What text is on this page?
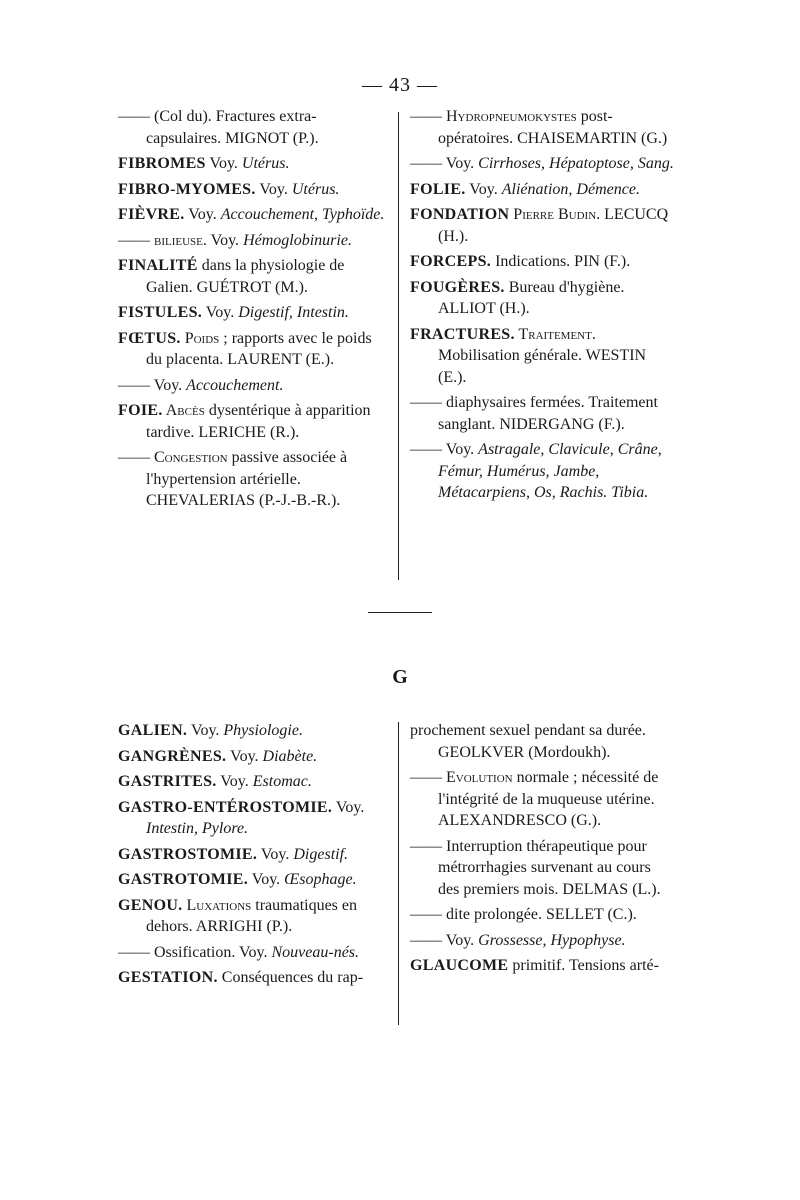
— 43 —

—— (Col du). Fractures extra-capsulaires. MIGNOT (P.).

FIBROMES Voy. Utérus.

FIBRO-MYOMES. Voy. Utérus.

FIÈVRE. Voy. Accouchement, Typhoïde.

—— bilieuse. Voy. Hémoglobinurie.

FINALITÉ dans la physiologie de Galien. GUÉTROT (M.).

FISTULES. Voy. Digestif, Intestin.

FŒTUS. Poids ; rapports avec le poids du placenta. LAURENT (E.).

—— Voy. Accouchement.

FOIE. Abcès dysentérique à apparition tardive. LERICHE (R.).

—— Congestion passive associée à l'hypertension artérielle. CHEVALERIAS (P.-J.-B.-R.).

—— Hydropneumokystes post-opératoires. CHAISEMARTIN (G.)

—— Voy. Cirrhoses, Hépatoptose, Sang.

FOLIE. Voy. Aliénation, Démence.

FONDATION Pierre Budin. LECUCQ (H.).

FORCEPS. Indications. PIN (F.).

FOUGÈRES. Bureau d'hygiène. ALLIOT (H.).

FRACTURES. Traitement. Mobilisation générale. WESTIN (E.).

—— diaphysaires fermées. Traitement sanglant. NIDERGANG (F.).

—— Voy. Astragale, Clavicule, Crâne, Fémur, Humérus, Jambe, Métacarpiens, Os, Rachis. Tibia.

G

GALIEN. Voy. Physiologie.

GANGRÈNES. Voy. Diabète.

GASTRITES. Voy. Estomac.

GASTRO-ENTÉROSTOMIE. Voy. Intestin, Pylore.

GASTROSTOMIE. Voy. Digestif.

GASTROTOMIE. Voy. Œsophage.

GENOU. Luxations traumatiques en dehors. ARRIGHI (P.).

—— Ossification. Voy. Nouveau-nés.

GESTATION. Conséquences du rap-

prochement sexuel pendant sa durée. GEOLKVER (Mordoukh).

—— Evolution normale ; nécessité de l'intégrité de la muqueuse utérine. ALEXANDRESCO (G.).

—— Interruption thérapeutique pour métrorrhagies survenant au cours des premiers mois. DELMAS (L.).

—— dite prolongée. SELLET (C.).

—— Voy. Grossesse, Hypophyse.

GLAUCOME primitif. Tensions arté-
